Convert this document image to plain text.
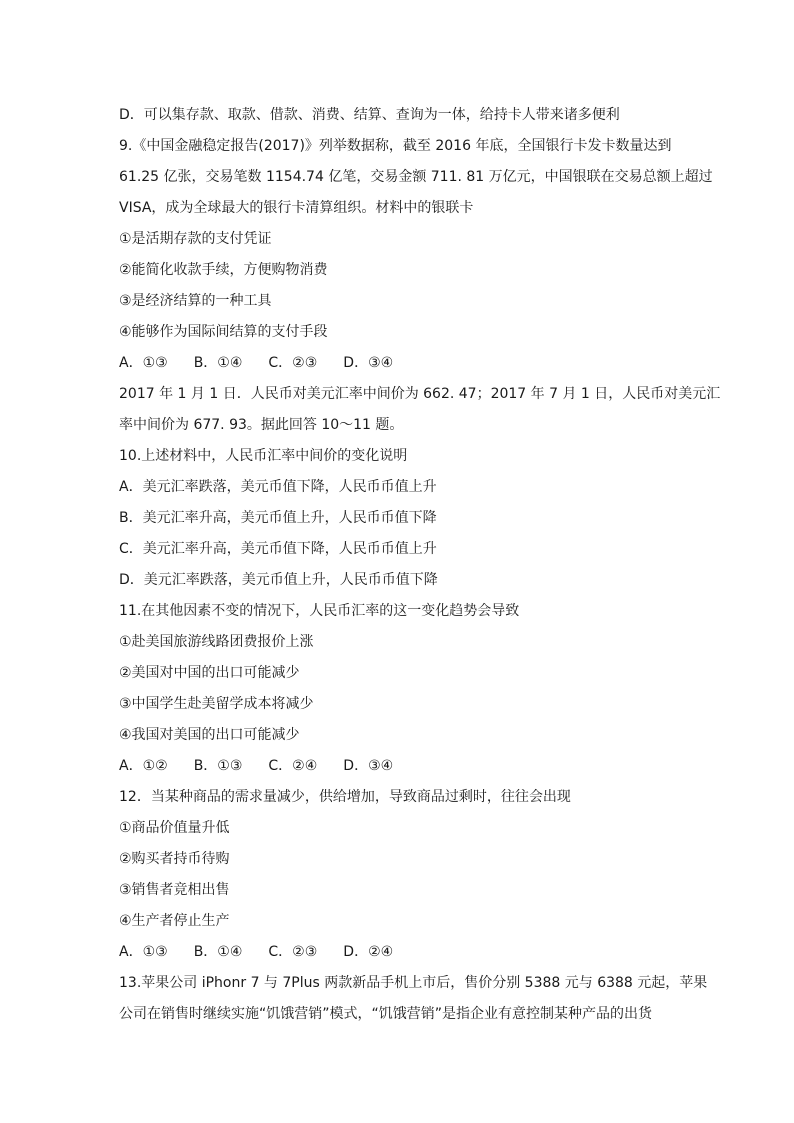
D．可以集存款、取款、借款、消费、结算、查询为一体，给持卡人带来诸多便利
9.《中国金融稳定报告(2017)》列举数据称，截至 2016 年底，全国银行卡发卡数量达到
61.25 亿张，交易笔数 1154.74 亿笔，交易金额 711. 81 万亿元，中国银联在交易总额上超过
VISA，成为全球最大的银行卡清算组织。材料中的银联卡
①是活期存款的支付凭证
②能简化收款手续，方便购物消费
③是经济结算的一种工具
④能够作为国际间结算的支付手段
A．①③ B．①④ C．②③ D．③④
2017 年 1 月 1 日．人民币对美元汇率中间价为 662. 47；2017 年 7 月 1 日，人民币对美元汇
率中间价为 677. 93。据此回答 10～11 题。
10.上述材料中，人民币汇率中间价的变化说明
A．美元汇率跌落，美元币值下降，人民币币值上升
B．美元汇率升高，美元币值上升，人民币币值下降
C．美元汇率升高，美元币值下降，人民币币值上升
D．美元汇率跌落，美元币值上升，人民币币值下降
11.在其他因素不变的情况下，人民币汇率的这一变化趋势会导致
①赴美国旅游线路团费报价上涨
②美国对中国的出口可能减少
③中国学生赴美留学成本将减少
④我国对美国的出口可能减少
A．①② B．①③ C．②④ D．③④
12．当某种商品的需求量减少，供给增加，导致商品过剩时，往往会出现
①商品价值量升低
②购买者持币待购
③销售者竞相出售
④生产者停止生产
A．①③ B．①④ C．②③ D．②④
13.苹果公司 iPhonr 7 与 7Plus 两款新品手机上市后，售价分别 5388 元与 6388 元起，苹果
公司在销售时继续实施“饥饿营销”模式，“饥饿营销”是指企业有意控制某种产品的出货
